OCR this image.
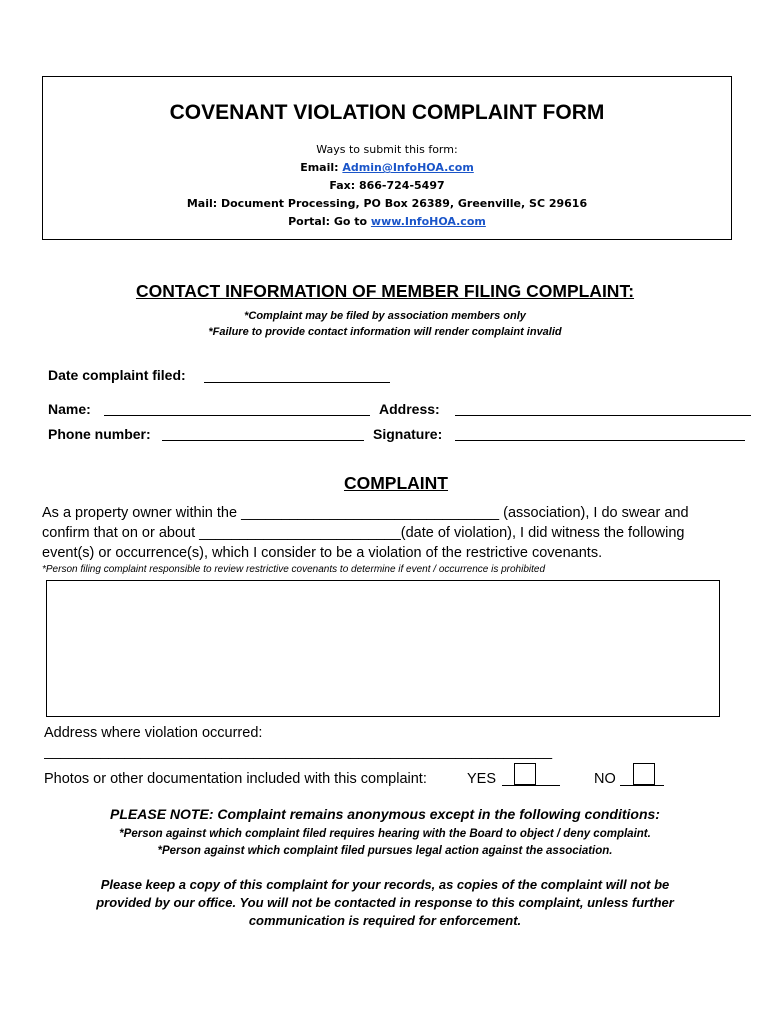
COVENANT VIOLATION COMPLAINT FORM
Ways to submit this form:
Email: Admin@InfoHOA.com
Fax: 866-724-5497
Mail: Document Processing, PO Box 26389, Greenville, SC 29616
Portal: Go to www.InfoHOA.com
CONTACT INFORMATION OF MEMBER FILING COMPLAINT:
*Complaint may be filed by association members only
*Failure to provide contact information will render complaint invalid
Date complaint filed:
Name:	Address:
Phone number:	Signature:
COMPLAINT
As a property owner within the ________________________________ (association), I do swear and
confirm that on or about _________________________(date of violation), I did witness the following
event(s) or occurrence(s), which I consider to be a violation of the restrictive covenants.
*Person filing complaint responsible to review restrictive covenants to determine if event / occurrence is prohibited
Address where violation occurred:
_______________________________________________________________
Photos or other documentation included with this complaint:	YES	NO
PLEASE NOTE: Complaint remains anonymous except in the following conditions:
*Person against which complaint filed requires hearing with the Board to object / deny complaint.
*Person against which complaint filed pursues legal action against the association.
Please keep a copy of this complaint for your records, as copies of the complaint will not be
provided by our office. You will not be contacted in response to this complaint, unless further
communication is required for enforcement.
